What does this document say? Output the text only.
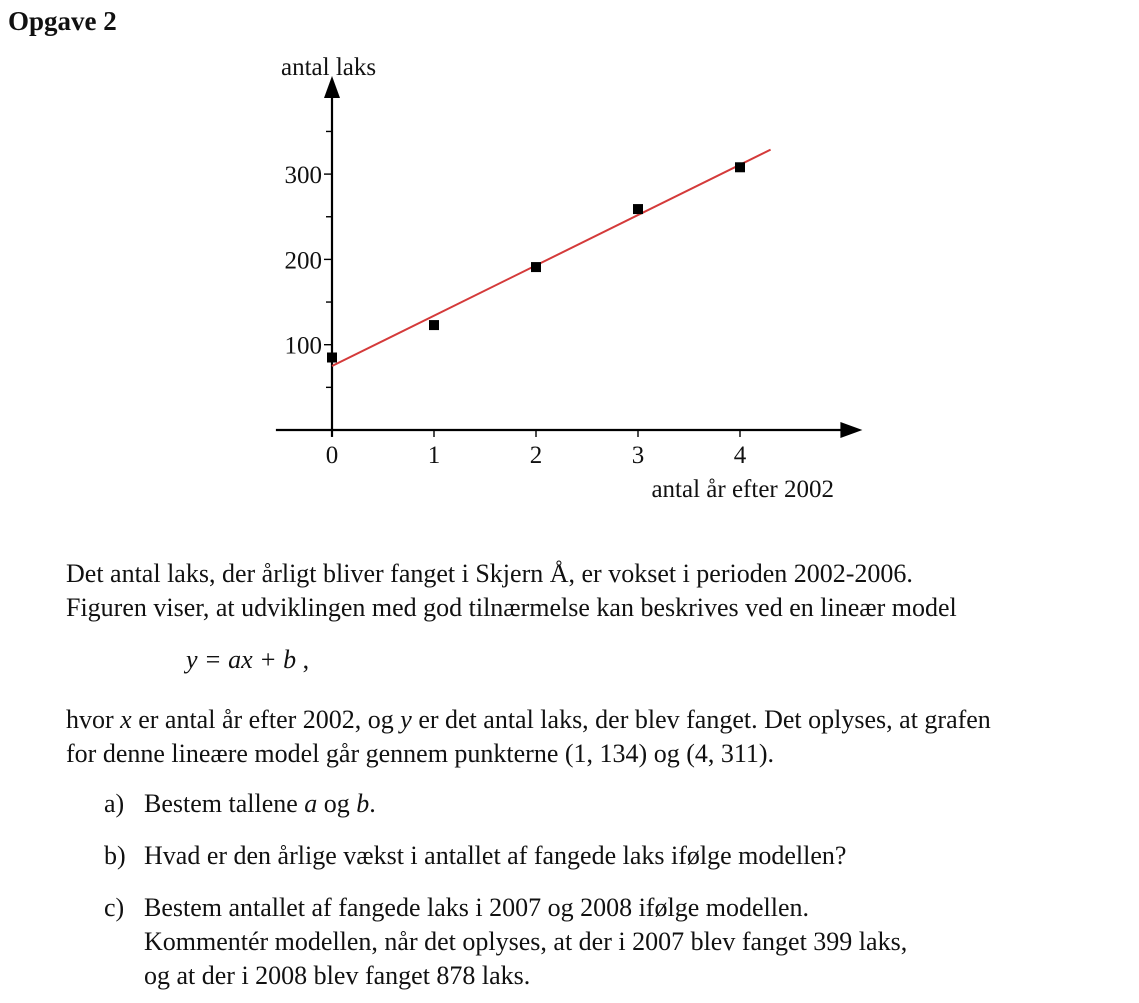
Opgave 2
100
200
300
0	1	2	3	4
antal laks
antal år efter 2002

Det antal laks, der årligt bliver fanget i Skjern Å, er vokset i perioden 2002-2006.

Figuren viser, at udviklingen med god tilnærmelse kan beskrives ved en lineær model

y = ax + b ,

hvor x er antal år efter 2002, og y er det antal laks, der blev fanget. Det oplyses, at grafen

for denne lineære model går gennem punkterne (1, 134) og (4, 311).

a) Bestem tallene a og b.
b) Hvad er den årlige vækst i antallet af fangede laks ifølge modellen?
c) Bestem antallet af fangede laks i 2007 og 2008 ifølge modellen.
Kommentér modellen, når det oplyses, at der i 2007 blev fanget 399 laks,
og at der i 2008 blev fanget 878 laks.
